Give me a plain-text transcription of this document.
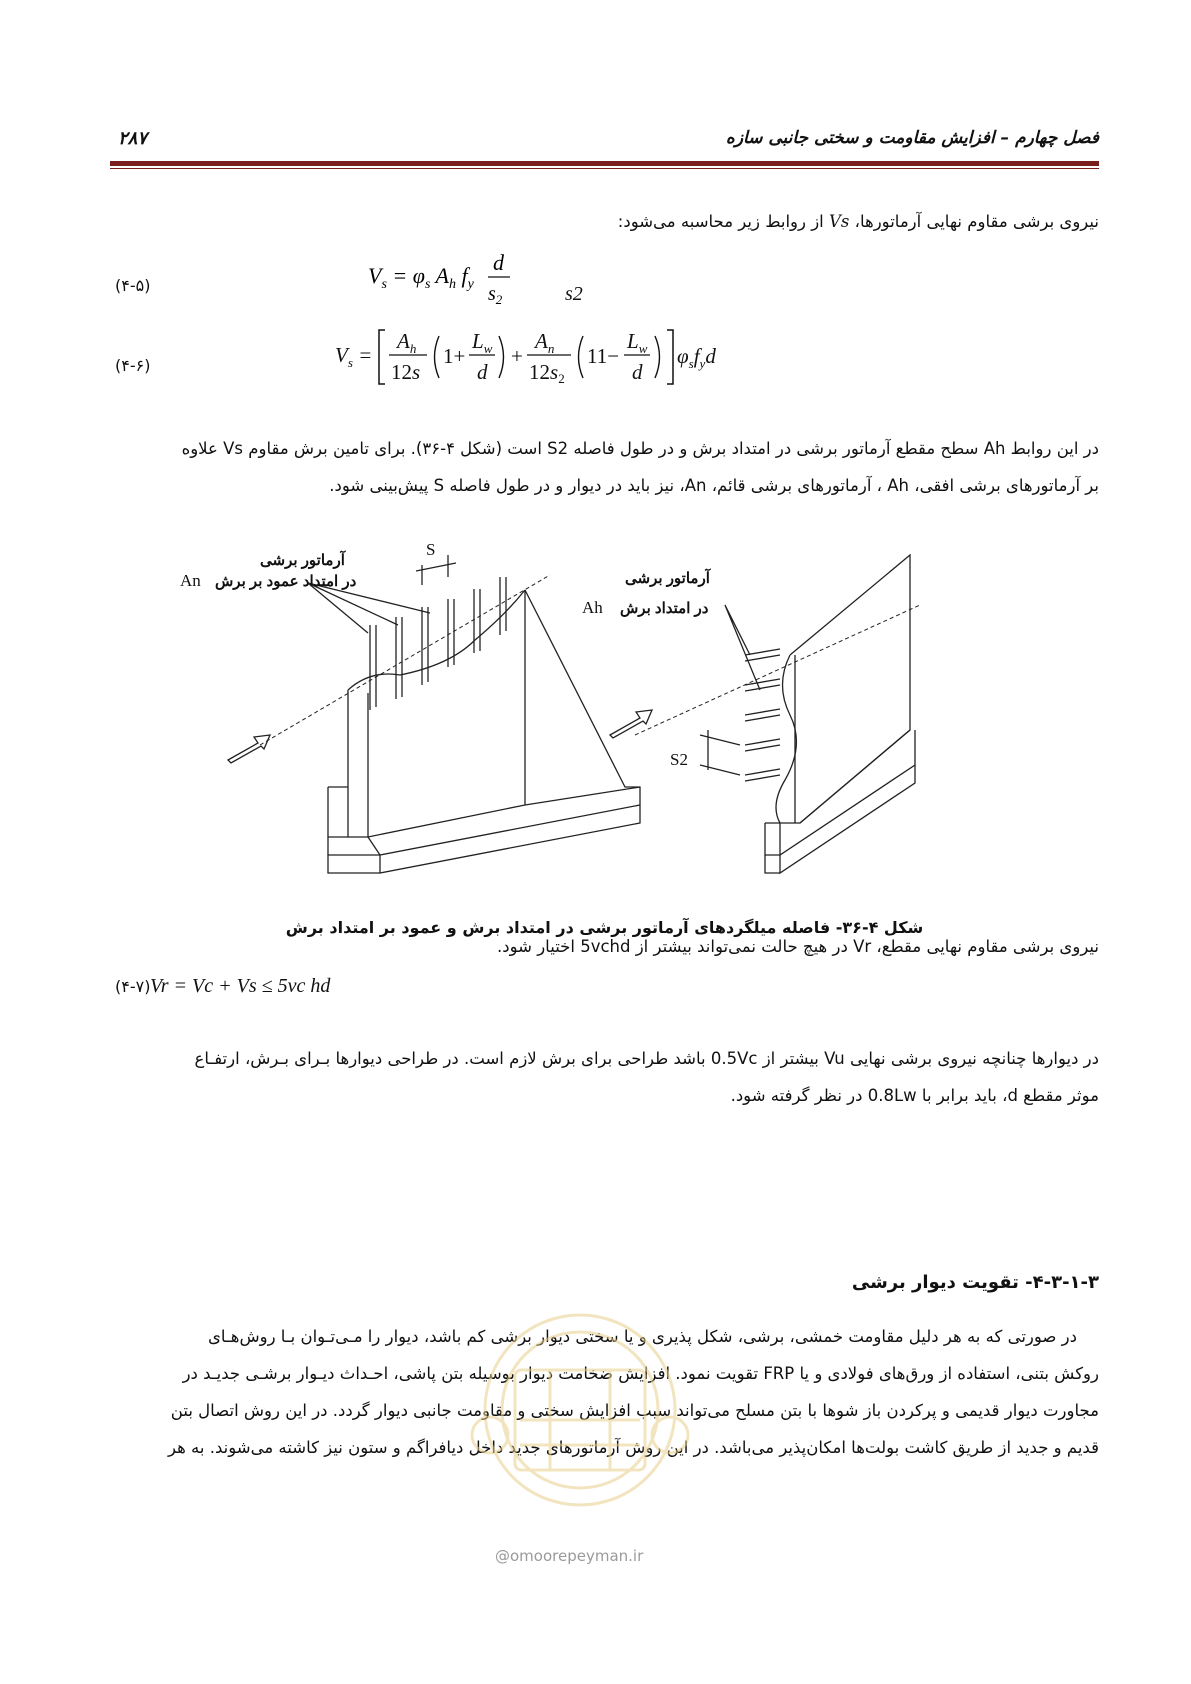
فصل چهارم – افزایش مقاومت و سختی جانبی سازه
۲۸۷
نیروی برشی مقاوم نهایی آرماتورها، Vs از روابط زیر محاسبه می‌شود:
$V_s = \varphi_s$ $A_h$ $f_y$
d
$s_2$	s2
(۴-۵)
$V_s$ =
$A_h$
12s
1+
$L_w$
d
+
$A_n$
12s2
11−
$L_w$
d
$\varphi_sf_yd$
(۴-۶)
در این روابط Ah سطح مقطع آرماتور برشی در امتداد برش و در طول فاصله S2 است (شکل ۴-۳۶). برای تامین برش مقاوم Vs علاوه
بر آرماتورهای برشی افقی، Ah ، آرماتورهای برشی قائم، An، نیز باید در دیوار و در طول فاصله S پیش‌بینی شود.
آرماتور برشی
در امتداد عمود بر برش
An
S
آرماتور برشی
در امتداد برش
Ah
S2
شکل ۴-۳۶- فاصله میلگردهای آرماتور برشی در امتداد برش و عمود بر امتداد برش
نیروی برشی مقاوم نهایی مقطع، Vr در هیچ حالت نمی‌تواند بیشتر از 5vchd اختیار شود.
Vr = Vc + Vs ≤ 5vc hd
(۴-۷)
در دیوارها چنانچه نیروی برشی نهایی Vu بیشتر از 0.5Vc باشد طراحی برای برش لازم است. در طراحی دیوارها بـرای بـرش، ارتفـاع
موثر مقطع d، باید برابر با 0.8Lw در نظر گرفته شود.
۴-۳-۱-۳- تقویت دیوار برشی
در صورتی که به هر دلیل مقاومت خمشی، برشی، شکل پذیری و یا سختی دیوار برشی کم باشد، دیوار را مـی‌تـوان بـا روش‌هـای
روکش بتنی، استفاده از ورق‌های فولادی و یا FRP تقویت نمود. افزایش ضخامت دیوار بوسیله بتن پاشی، احـداث دیـوار برشـی جدیـد در
مجاورت دیوار قدیمی و پرکردن باز شوها با بتن مسلح می‌تواند سبب افزایش سختی و مقاومت جانبی دیوار گردد. در این روش اتصال بتن
قدیم و جدید از طریق کاشت بولت‌ها امکان‌پذیر می‌باشد. در این روش آرماتورهای جدید داخل دیافراگم و ستون نیز کاشته می‌شوند. به هر
@omoorepeyman.ir
